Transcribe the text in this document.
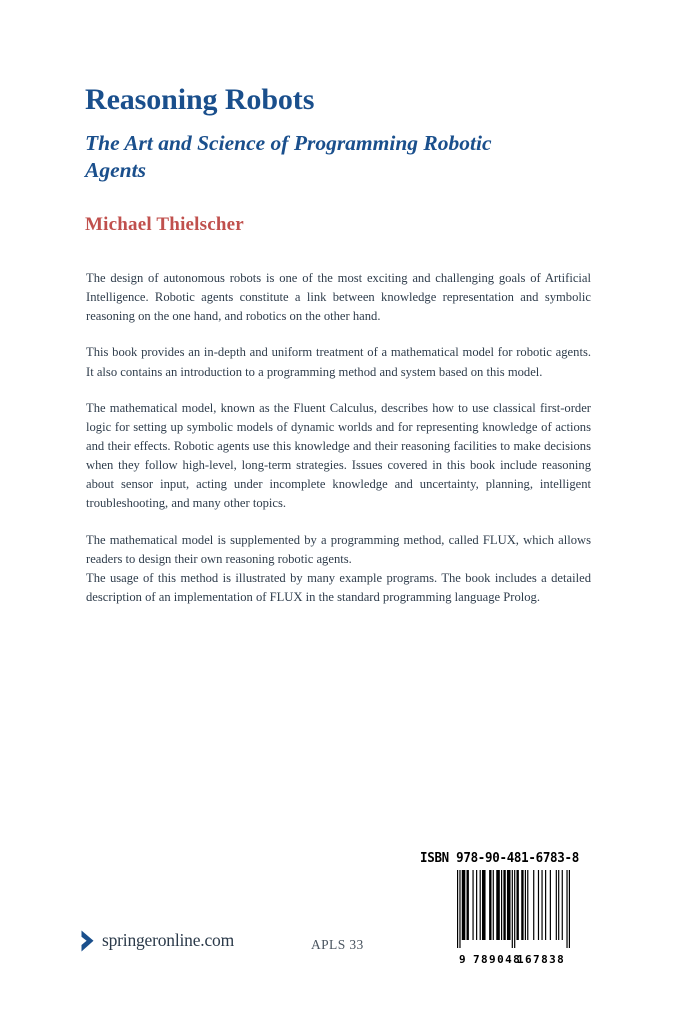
Reasoning Robots
The Art and Science of Programming Robotic Agents
Michael Thielscher

The design of autonomous robots is one of the most exciting and challenging goals of Artificial Intelligence. Robotic agents constitute a link between knowledge representation and symbolic reasoning on the one hand, and robotics on the other hand.

This book provides an in-depth and uniform treatment of a mathematical model for robotic agents. It also contains an introduction to a programming method and system based on this model.

The mathematical model, known as the Fluent Calculus, describes how to use classical first-order logic for setting up symbolic models of dynamic worlds and for representing knowledge of actions and their effects. Robotic agents use this knowledge and their reasoning facilities to make decisions when they follow high-level, long-term strategies. Issues covered in this book include reasoning about sensor input, acting under incomplete knowledge and uncertainty, planning, intelligent troubleshooting, and many other topics.

The mathematical model is supplemented by a programming method, called FLUX, which allows readers to design their own reasoning robotic agents.

The usage of this method is illustrated by many example programs. The book includes a detailed description of an implementation of FLUX in the standard programming language Prolog.

springeronline.com	APLS 33
ISBN 978-90-481-6783-8
9 789048
167838
